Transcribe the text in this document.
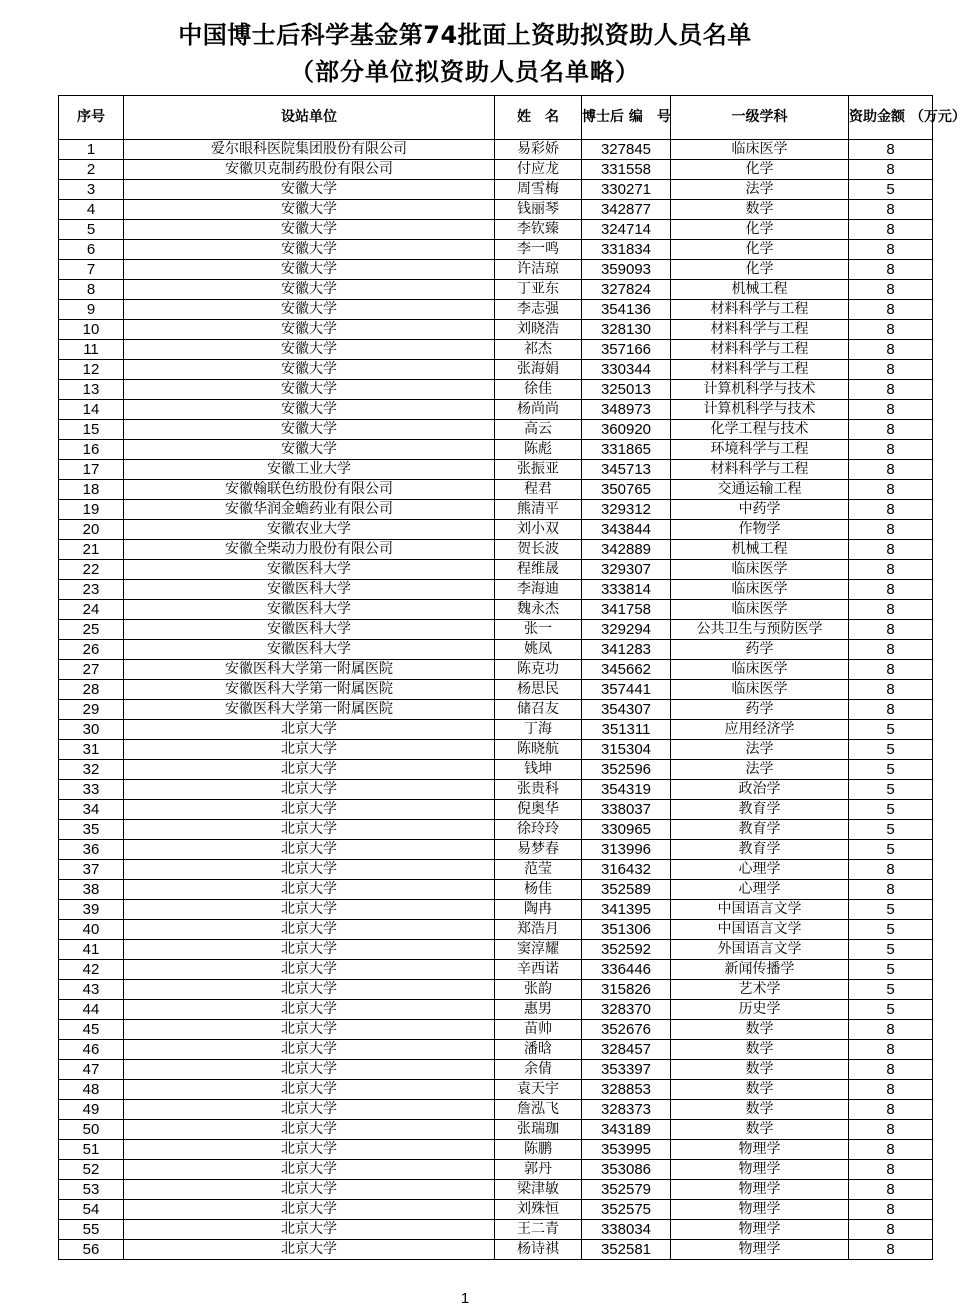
中国博士后科学基金第74批面上资助拟资助人员名单
（部分单位拟资助人员名单略）
序号	设站单位	姓　名	博士后 编　号	一级学科	资助金额 （万元）
1	爱尔眼科医院集团股份有限公司	易彩娇	327845	临床医学	8
2	安徽贝克制药股份有限公司	付应龙	331558	化学	8
3	安徽大学	周雪梅	330271	法学	5
4	安徽大学	钱丽琴	342877	数学	8
5	安徽大学	李钦臻	324714	化学	8
6	安徽大学	李一鸣	331834	化学	8
7	安徽大学	许洁琼	359093	化学	8
8	安徽大学	丁亚东	327824	机械工程	8
9	安徽大学	李志强	354136	材料科学与工程	8
10	安徽大学	刘晓浩	328130	材料科学与工程	8
11	安徽大学	祁杰	357166	材料科学与工程	8
12	安徽大学	张海娟	330344	材料科学与工程	8
13	安徽大学	徐佳	325013	计算机科学与技术	8
14	安徽大学	杨尚尚	348973	计算机科学与技术	8
15	安徽大学	高云	360920	化学工程与技术	8
16	安徽大学	陈彪	331865	环境科学与工程	8
17	安徽工业大学	张振亚	345713	材料科学与工程	8
18	安徽翰联色纺股份有限公司	程君	350765	交通运输工程	8
19	安徽华润金蟾药业有限公司	熊清平	329312	中药学	8
20	安徽农业大学	刘小双	343844	作物学	8
21	安徽全柴动力股份有限公司	贺长波	342889	机械工程	8
22	安徽医科大学	程维晟	329307	临床医学	8
23	安徽医科大学	李海迪	333814	临床医学	8
24	安徽医科大学	魏永杰	341758	临床医学	8
25	安徽医科大学	张一	329294	公共卫生与预防医学	8
26	安徽医科大学	姚凤	341283	药学	8
27	安徽医科大学第一附属医院	陈克功	345662	临床医学	8
28	安徽医科大学第一附属医院	杨思民	357441	临床医学	8
29	安徽医科大学第一附属医院	储召友	354307	药学	8
30	北京大学	丁海	351311	应用经济学	5
31	北京大学	陈晓航	315304	法学	5
32	北京大学	钱坤	352596	法学	5
33	北京大学	张贵科	354319	政治学	5
34	北京大学	倪奥华	338037	教育学	5
35	北京大学	徐玲玲	330965	教育学	5
36	北京大学	易梦春	313996	教育学	5
37	北京大学	范莹	316432	心理学	8
38	北京大学	杨佳	352589	心理学	8
39	北京大学	陶冉	341395	中国语言文学	5
40	北京大学	郑浩月	351306	中国语言文学	5
41	北京大学	窦淳耀	352592	外国语言文学	5
42	北京大学	辛西诺	336446	新闻传播学	5
43	北京大学	张韵	315826	艺术学	5
44	北京大学	惠男	328370	历史学	5
45	北京大学	苗帅	352676	数学	8
46	北京大学	潘晗	328457	数学	8
47	北京大学	余倩	353397	数学	8
48	北京大学	袁天宇	328853	数学	8
49	北京大学	詹泓飞	328373	数学	8
50	北京大学	张瑞珈	343189	数学	8
51	北京大学	陈鹏	353995	物理学	8
52	北京大学	郭丹	353086	物理学	8
53	北京大学	梁津敏	352579	物理学	8
54	北京大学	刘殊恒	352575	物理学	8
55	北京大学	王二青	338034	物理学	8
56	北京大学	杨诗祺	352581	物理学	8
1
